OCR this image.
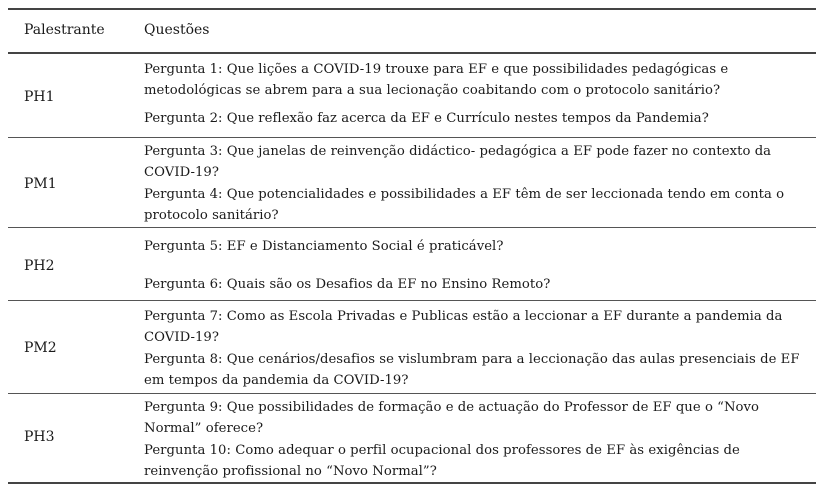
Palestrante	Questões
PH1
Pergunta 1: Que lições a COVID-19 trouxe para EF e que possibilidades pedagógicas e metodológicas se abrem para a sua lecionação coabitando com o protocolo sanitário?
Pergunta 2: Que reflexão faz acerca da EF e Currículo nestes tempos da Pandemia?
PM1
Pergunta 3: Que janelas de reinvenção didáctico- pedagógica a EF pode fazer no contexto da COVID-19?
Pergunta 4: Que potencialidades e possibilidades a EF têm de ser leccionada tendo em conta o protocolo sanitário?
PH2
Pergunta 5: EF e Distanciamento Social é praticável?
Pergunta 6: Quais são os Desafios da EF no Ensino Remoto?
PM2
Pergunta 7: Como as Escola Privadas e Publicas estão a leccionar a EF durante a pandemia da COVID-19?
Pergunta 8: Que cenários/desafios se vislumbram para a leccionação das aulas presenciais de EF em tempos da pandemia da COVID-19?
PH3
Pergunta 9: Que possibilidades de formação e de actuação do Professor de EF que o “Novo Normal” oferece?
Pergunta 10: Como adequar o perfil ocupacional dos professores de EF às exigências de reinvenção profissional no “Novo Normal”?
